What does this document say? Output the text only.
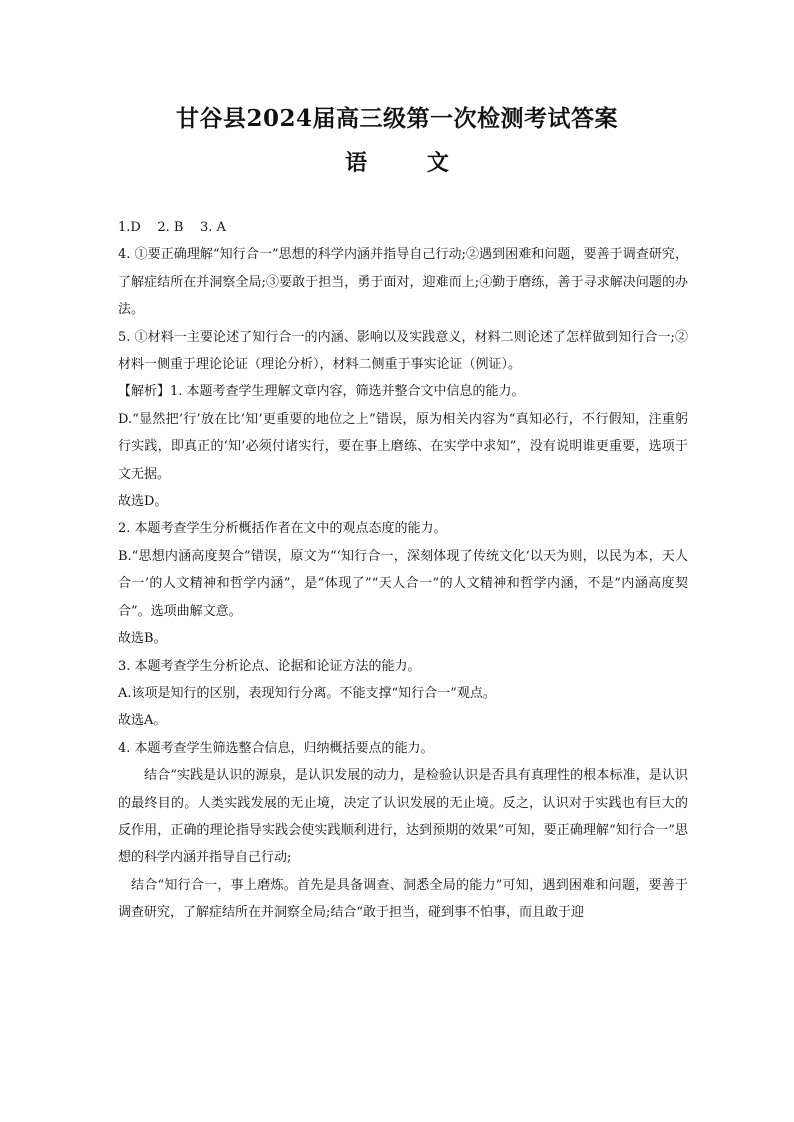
甘谷县2024届高三级第一次检测考试答案
语 文

1.D    2. B    3. A

4. ①要正确理解“知行合一”思想的科学内涵并指导自己行动;②遇到困难和问题，要善于调查研究，了解症结所在并洞察全局;③要敢于担当，勇于面对，迎难而上;④勤于磨练，善于寻求解决问题的办法。

5. ①材料一主要论述了知行合一的内涵、影响以及实践意义，材料二则论述了怎样做到知行合一;②材料一侧重于理论论证（理论分析），材料二侧重于事实论证（例证）。

【解析】1. 本题考查学生理解文章内容，筛选并整合文中信息的能力。

D.“显然把‘行’放在比‘知’更重要的地位之上”错误，原为相关内容为“真知必行，不行假知，注重躬行实践，即真正的‘知’必须付诸实行，要在事上磨练、在实学中求知”，没有说明谁更重要，选项于文无据。

故选D。

2. 本题考查学生分析概括作者在文中的观点态度的能力。

B.“思想内涵高度契合”错误，原文为“‘知行合一，深刻体现了传统文化‘以天为则，以民为本，天人合一’的人文精神和哲学内涵”，是“体现了”“天人合一”的人文精神和哲学内涵，不是“内涵高度契合”。选项曲解文意。

故选B。

3. 本题考查学生分析论点、论据和论证方法的能力。

A.该项是知行的区别，表现知行分离。不能支撑“知行合一”观点。

故选A。

4. 本题考查学生筛选整合信息，归纳概括要点的能力。

结合“实践是认识的源泉，是认识发展的动力，是检验认识是否具有真理性的根本标准，是认识的最终目的。人类实践发展的无止境，决定了认识发展的无止境。反之，认识对于实践也有巨大的反作用，正确的理论指导实践会使实践顺利进行，达到预期的效果”可知，要正确理解“知行合一”思想的科学内涵并指导自己行动;

结合“知行合一，事上磨炼。首先是具备调查、洞悉全局的能力”可知，遇到困难和问题，要善于调查研究，了解症结所在并洞察全局;结合“敢于担当，碰到事不怕事，而且敢于迎
